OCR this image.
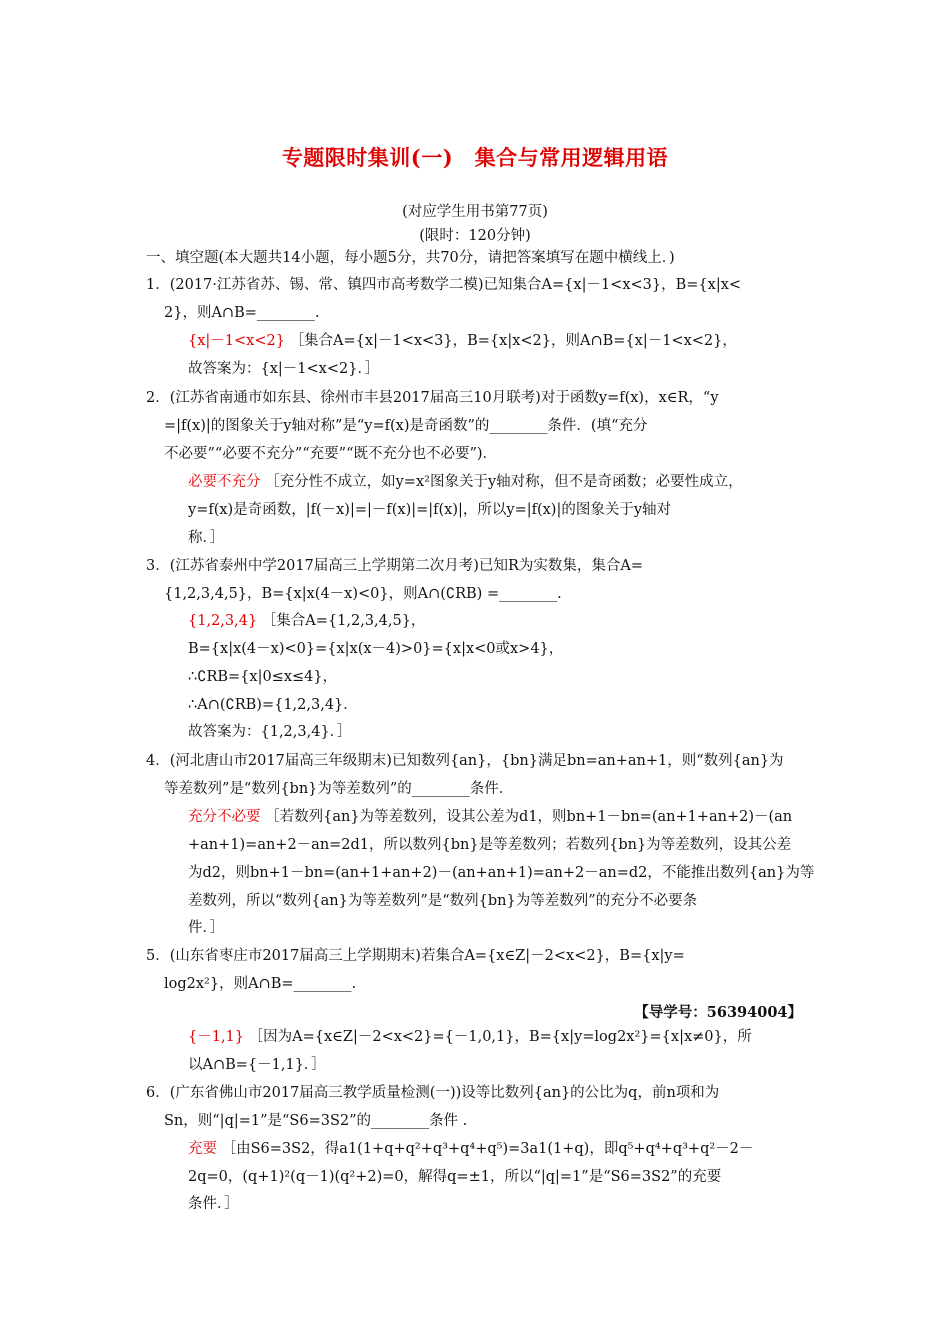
专题限时集训(一)　集合与常用逻辑用语
(对应学生用书第77页)
(限时：120分钟)
一、填空题(本大题共14小题，每小题5分，共70分，请把答案填写在题中横线上．)
1．(2017·江苏省苏、锡、常、镇四市高考数学二模)已知集合A={x|－1<x<3}，B={x|x<
2}，则A∩B=________.
{x|－1<x<2} ［集合A={x|－1<x<3}，B={x|x<2}，则A∩B={x|－1<x<2}，
故答案为：{x|－1<x<2}．］
2．(江苏省南通市如东县、徐州市丰县2017届高三10月联考)对于函数y=f(x)，x∈R，“y
=|f(x)|的图象关于y轴对称”是“y=f(x)是奇函数”的________条件．(填“充分
不必要”“必要不充分”“充要”“既不充分也不必要”)．
必要不充分 ［充分性不成立，如y=x²图象关于y轴对称，但不是奇函数；必要性成立，
y=f(x)是奇函数，|f(－x)|=|－f(x)|=|f(x)|，所以y=|f(x)|的图象关于y轴对
称．］
3．(江苏省泰州中学2017届高三上学期第二次月考)已知R为实数集，集合A=
{1,2,3,4,5}，B={x|x(4－x)<0}，则A∩(∁RB) =________.
{1,2,3,4} ［集合A={1,2,3,4,5}，
B={x|x(4－x)<0}={x|x(x－4)>0}={x|x<0或x>4}，
∴∁RB={x|0≤x≤4}，
∴A∩(∁RB)={1,2,3,4}．
故答案为：{1,2,3,4}．］
4．(河北唐山市2017届高三年级期末)已知数列{an}，{bn}满足bn=an+an+1，则“数列{an}为
等差数列”是“数列{bn}为等差数列”的________条件．
充分不必要 ［若数列{an}为等差数列，设其公差为d1，则bn+1－bn=(an+1+an+2)－(an
+an+1)=an+2－an=2d1，所以数列{bn}是等差数列；若数列{bn}为等差数列，设其公差
为d2，则bn+1－bn=(an+1+an+2)－(an+an+1)=an+2－an=d2，不能推出数列{an}为等
差数列，所以“数列{an}为等差数列”是“数列{bn}为等差数列”的充分不必要条
件．］
5．(山东省枣庄市2017届高三上学期期末)若集合A={x∈Z|－2<x<2}，B={x|y=
log2x²}，则A∩B=________.
【导学号：56394004】
{－1,1} ［因为A={x∈Z|－2<x<2}={－1,0,1}，B={x|y=log2x²}={x|x≠0}，所
以A∩B={－1,1}．］
6．(广东省佛山市2017届高三教学质量检测(一))设等比数列{an}的公比为q，前n项和为
Sn，则“|q|=1”是“S6=3S2”的________条件 .
充要 ［由S6=3S2，得a1(1+q+q²+q³+q⁴+q⁵)=3a1(1+q)，即q⁵+q⁴+q³+q²－2－
2q=0，(q+1)²(q－1)(q²+2)=0，解得q=±1，所以“|q|=1”是“S6=3S2”的充要
条件．］
